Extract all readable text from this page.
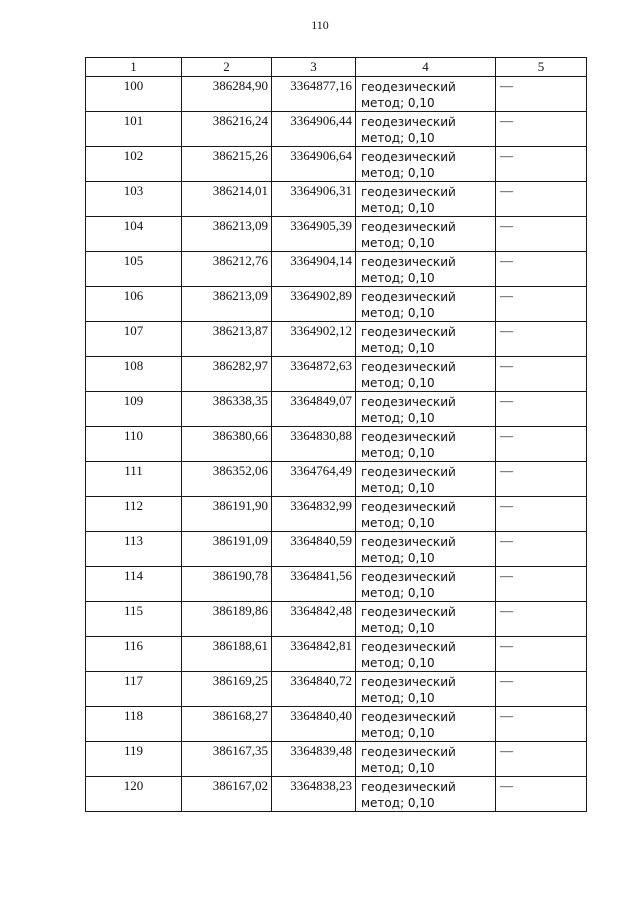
110
1	2	3	4	5
100	386284,90	3364877,16	геодезический
метод; 0,10	—
101	386216,24	3364906,44	геодезический
метод; 0,10	—
102	386215,26	3364906,64	геодезический
метод; 0,10	—
103	386214,01	3364906,31	геодезический
метод; 0,10	—
104	386213,09	3364905,39	геодезический
метод; 0,10	—
105	386212,76	3364904,14	геодезический
метод; 0,10	—
106	386213,09	3364902,89	геодезический
метод; 0,10	—
107	386213,87	3364902,12	геодезический
метод; 0,10	—
108	386282,97	3364872,63	геодезический
метод; 0,10	—
109	386338,35	3364849,07	геодезический
метод; 0,10	—
110	386380,66	3364830,88	геодезический
метод; 0,10	—
111	386352,06	3364764,49	геодезический
метод; 0,10	—
112	386191,90	3364832,99	геодезический
метод; 0,10	—
113	386191,09	3364840,59	геодезический
метод; 0,10	—
114	386190,78	3364841,56	геодезический
метод; 0,10	—
115	386189,86	3364842,48	геодезический
метод; 0,10	—
116	386188,61	3364842,81	геодезический
метод; 0,10	—
117	386169,25	3364840,72	геодезический
метод; 0,10	—
118	386168,27	3364840,40	геодезический
метод; 0,10	—
119	386167,35	3364839,48	геодезический
метод; 0,10	—
120	386167,02	3364838,23	геодезический
метод; 0,10	—
